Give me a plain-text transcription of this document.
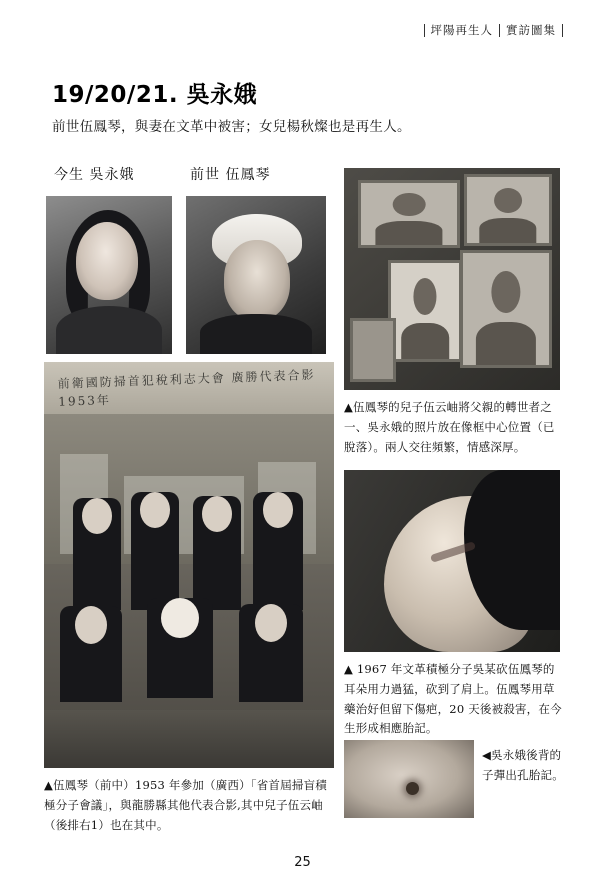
坪陽再生人 實訪圖集
19/20/21. 吳永娥
前世伍鳳琴，與妻在文革中被害；女兒楊秋燦也是再生人。
今生 吳永娥	前世 伍鳳琴
前衛國防掃首犯稅利志大會 廣勝代表合影 1953年	▲伍鳳琴的兒子伍云岫將父親的轉世者之一、吳永娥的照片放在像框中心位置（已脫落）。兩人交往頻繁，情感深厚。
▲ 1967 年文革積極分子吳某砍伍鳳琴的耳朵用力過猛，砍到了肩上。伍鳳琴用草藥治好但留下傷疤，20 天後被殺害，在今生形成相應胎記。
◀吳永娥後背的子彈出孔胎記。
▲伍鳳琴（前中）1953 年參加（廣西）「省首屆掃盲積極分子會議」，與龍勝縣其他代表合影,其中兒子伍云岫（後排右1）也在其中。
25
